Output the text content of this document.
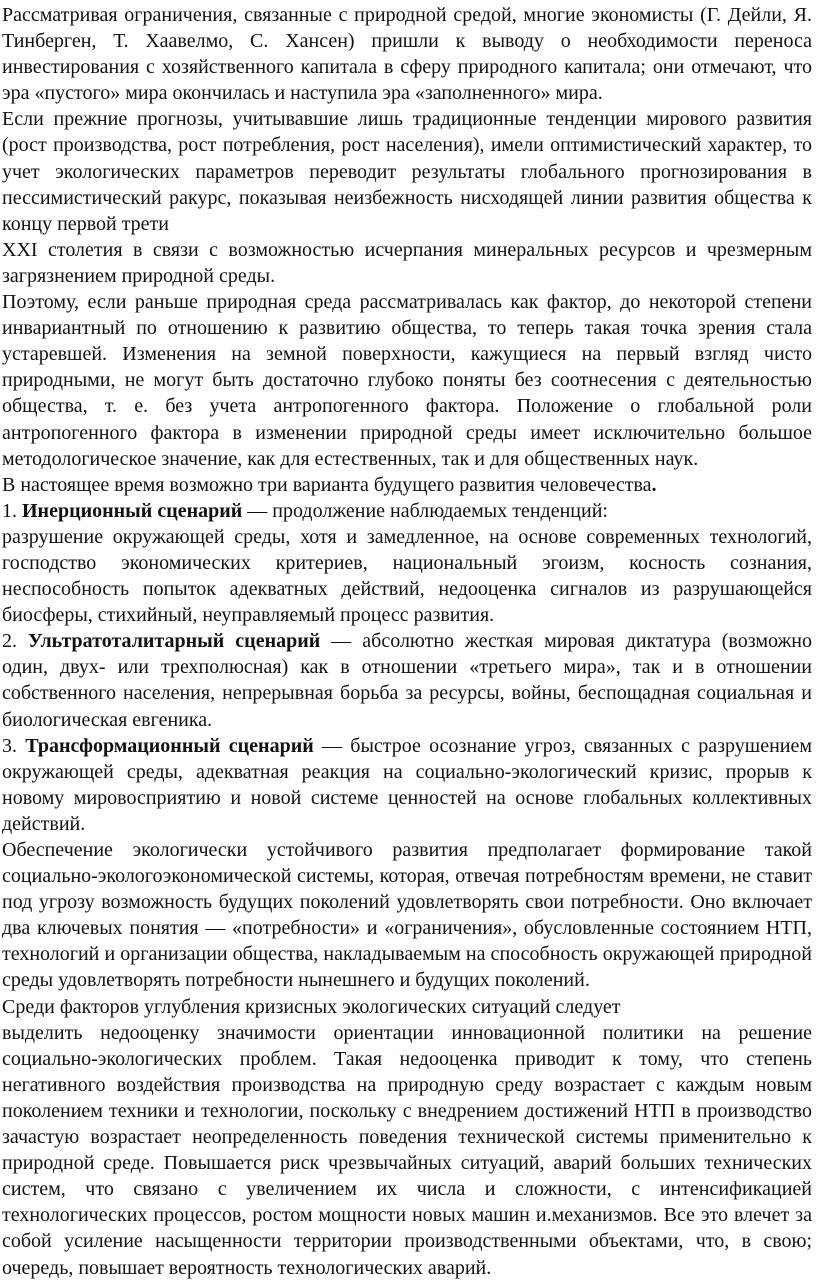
Рассматривая ограничения, связанные с природной средой, многие экономисты (Г. Дейли, Я. Тинберген, Т. Хаавелмо, С. Хансен) пришли к выводу о необходимости переноса инвестирования с хозяйственного капитала в сферу природного капитала; они отмечают, что эра «пустого» мира окончилась и наступила эра «заполненного» мира.

Если прежние прогнозы, учитывавшие лишь традиционные тенденции мирового развития (рост производства, рост потребления, рост населения), имели оптимистический характер, то учет экологических параметров переводит результаты глобального прогнозирования в пессимистический ракурс, показывая неизбежность нисходящей линии развития общества к концу первой трети

XXI столетия в связи с возможностью исчерпания минеральных ресурсов и чрезмерным загрязнением природной среды.

Поэтому, если раньше природная среда рассматривалась как фактор, до некоторой степени инвариантный по отношению к развитию общества, то теперь такая точка зрения стала устаревшей. Изменения на земной поверхности, кажущиеся на первый взгляд чисто природными, не могут быть достаточно глубоко поняты без соотнесения с деятельностью общества, т. е. без учета антропогенного фактора. Положение о глобальной роли антропогенного фактора в изменении природной среды имеет исключительно большое методологическое значение, как для естественных, так и для общественных наук.

В настоящее время возможно три варианта будущего развития человечества.

1. Инерционный сценарий — продолжение наблюдаемых тенденций:

разрушение окружающей среды, хотя и замедленное, на основе современных технологий, господство экономических критериев, национальный эгоизм, косность сознания, неспособность попыток адекватных действий, недооценка сигналов из разрушающейся биосферы, стихийный, неуправляемый процесс развития.

2. Ультратоталитарный сценарий — абсолютно жесткая мировая диктатура (возможно один, двух- или трехполюсная) как в отношении «третьего мира», так и в отношении собственного населения, непрерывная борьба за ресурсы, войны, беспощадная социальная и биологическая евгеника.

3. Трансформационный сценарий — быстрое осознание угроз, связанных с разрушением окружающей среды, адекватная реакция на социально-экологический кризис, прорыв к новому мировосприятию и новой системе ценностей на основе глобальных коллективных действий.

Обеспечение экологически устойчивого развития предполагает формирование такой социально-экологоэкономической системы, которая, отвечая потребностям времени, не ставит под угрозу возможность будущих поколений удовлетворять свои потребности. Оно включает два ключевых понятия — «потребности» и «ограничения», обусловленные состоянием НТП, технологий и организации общества, накладываемым на способность окружающей природной среды удовлетворять потребности нынешнего и будущих поколений.

Среди факторов углубления кризисных экологических ситуаций следует

выделить недооценку значимости ориентации инновационной политики на решение социально-экологических проблем. Такая недооценка приводит к тому, что степень негативного воздействия производства на природную среду возрастает с каждым новым поколением техники и технологии, поскольку с внедрением достижений НТП в производство зачастую возрастает неопределенность поведения технической системы применительно к природной среде. Повышается риск чрезвычайных ситуаций, аварий больших технических систем, что связано с увеличением их числа и сложности, с интенсификацией технологических процессов, ростом мощности новых машин и.механизмов. Все это влечет за собой усиление насыщенности территории производственными объектами, что, в свою; очередь, повышает вероятность технологических аварий.
